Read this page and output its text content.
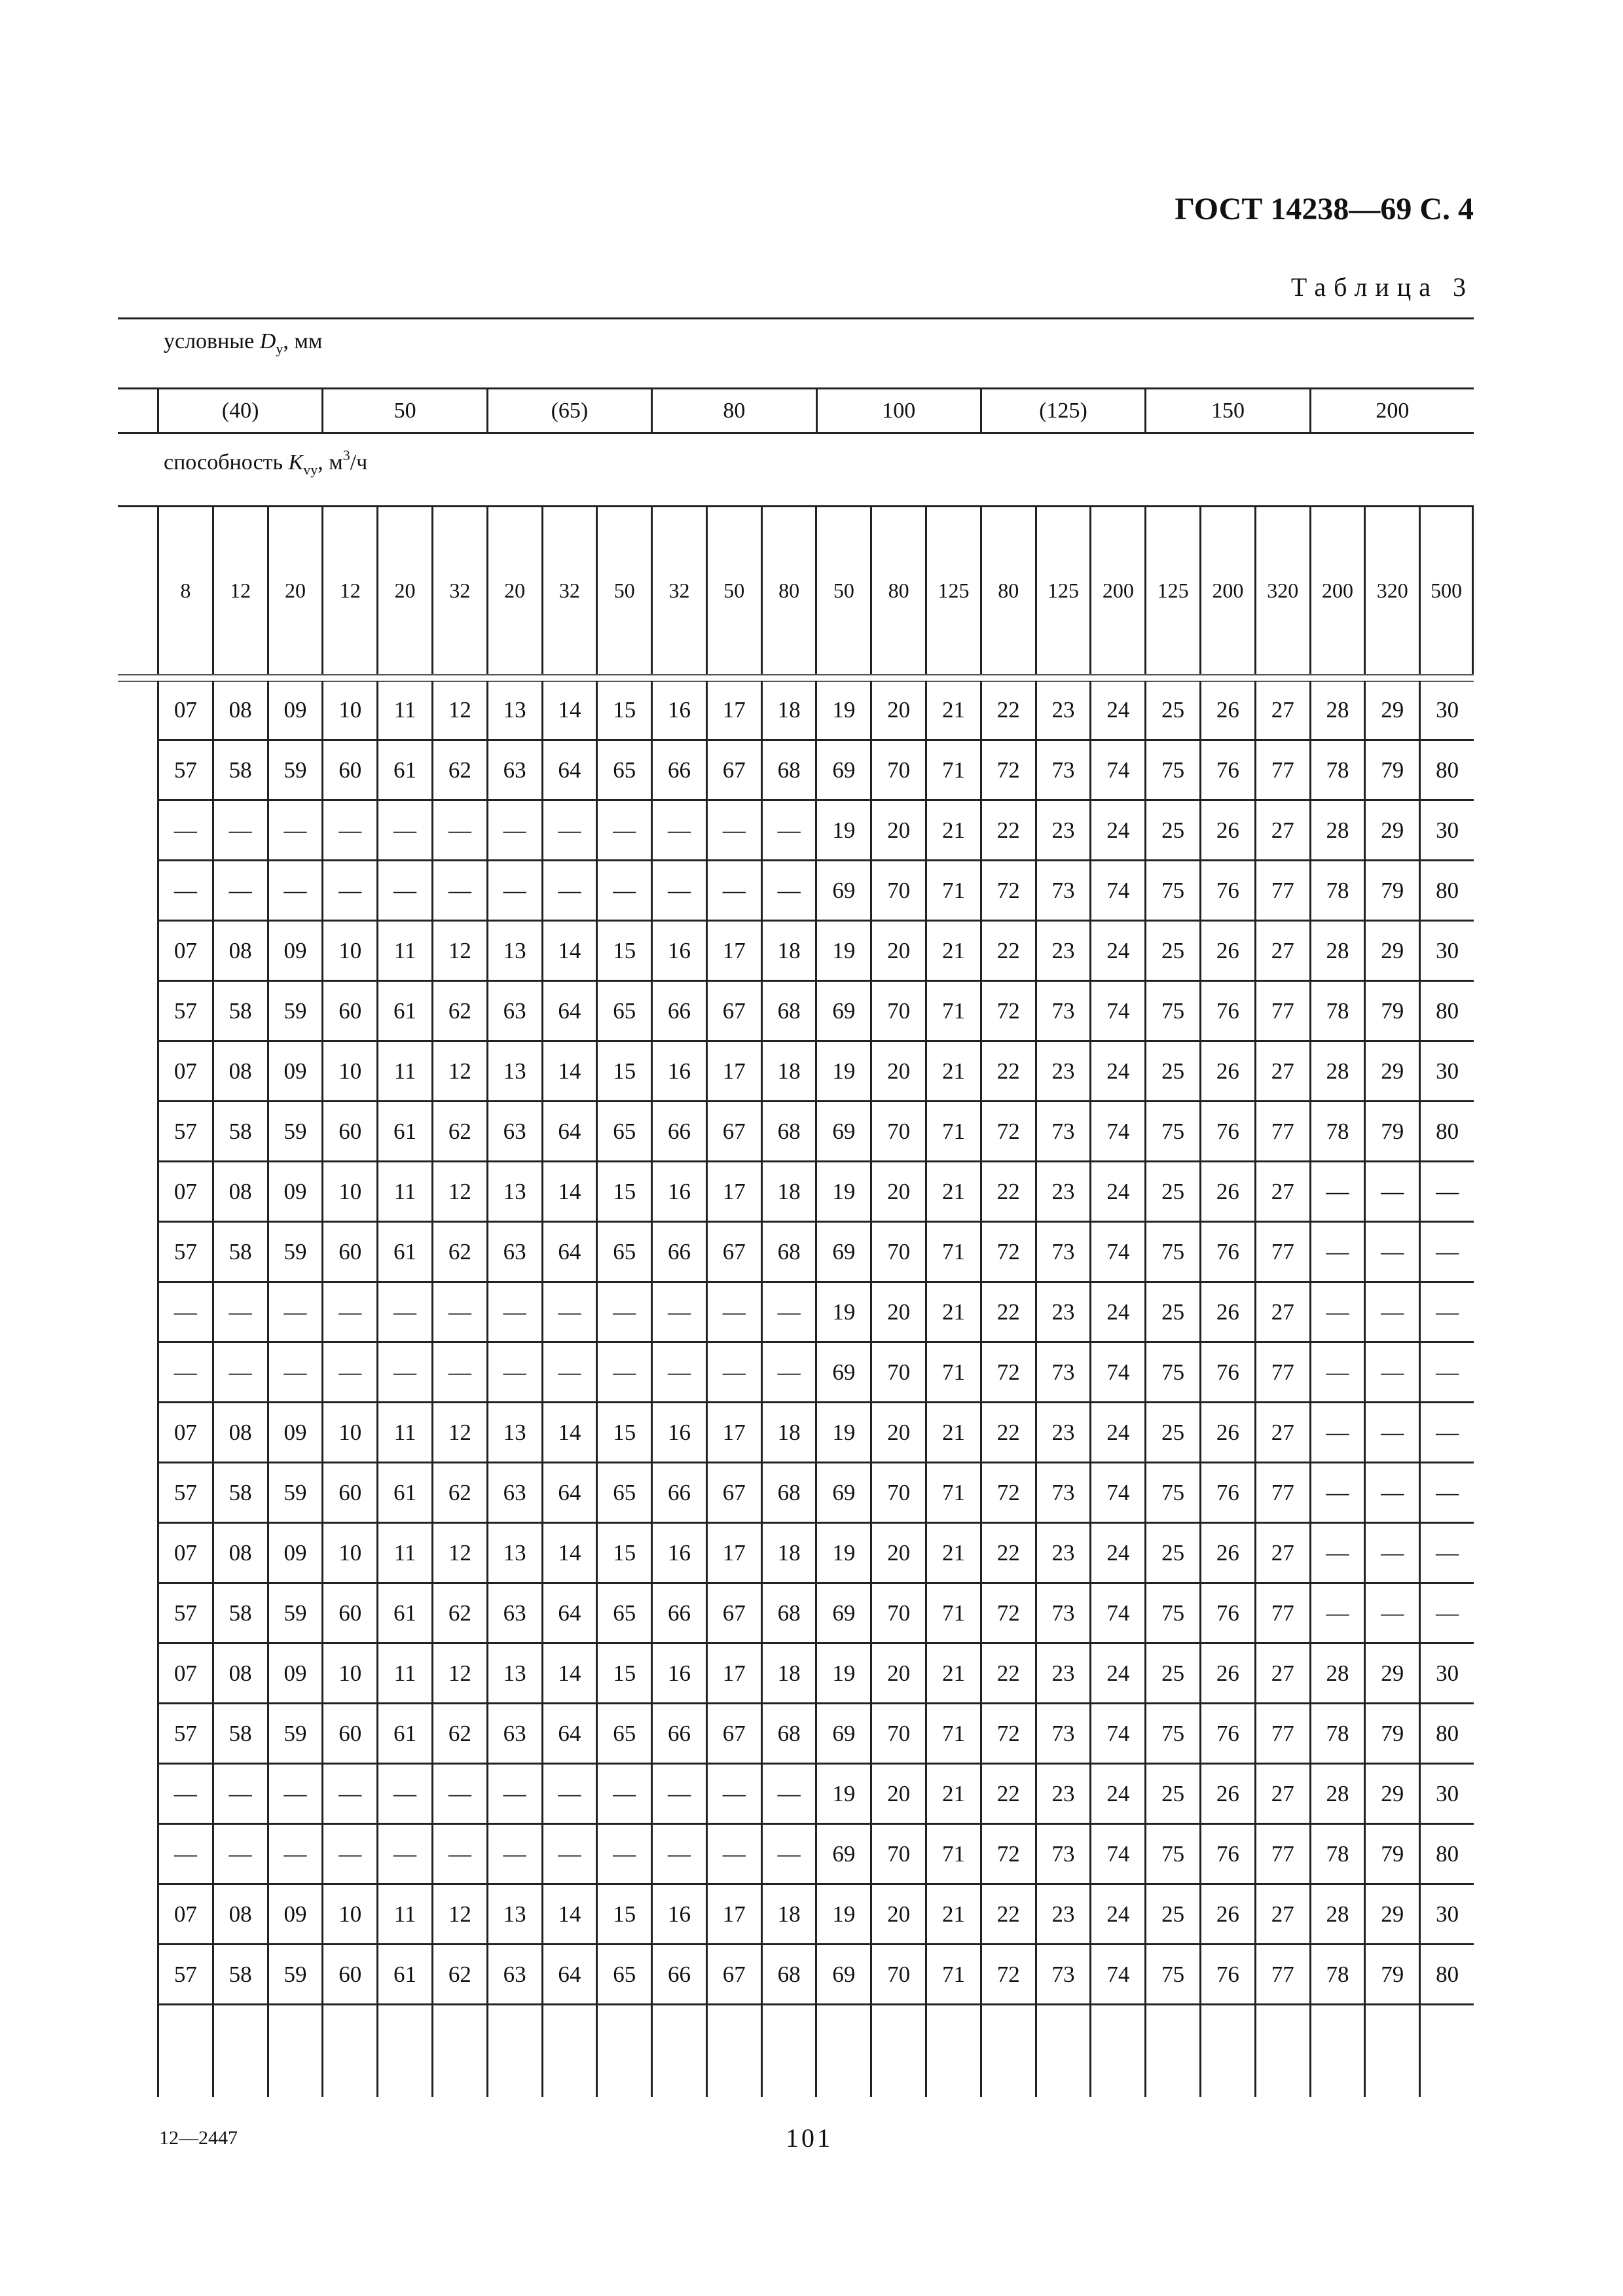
ГОСТ 14238—69 С. 4
Таблица 3
условные $D_у$, мм
(40)	50	(65)	80	100	(125)	150	200
способность $K_{vy}$, $м^3/ч$
8	12	20	12	20	32	20	32	50	32	50	80	50	80	125	80	125	200	125	200	320	200	320	500
07	08	09	10	11	12	13	14	15	16	17	18	19	20	21	22	23	24	25	26	27	28	29	30
57	58	59	60	61	62	63	64	65	66	67	68	69	70	71	72	73	74	75	76	77	78	79	80
—	—	—	—	—	—	—	—	—	—	—	—	19	20	21	22	23	24	25	26	27	28	29	30
—	—	—	—	—	—	—	—	—	—	—	—	69	70	71	72	73	74	75	76	77	78	79	80
07	08	09	10	11	12	13	14	15	16	17	18	19	20	21	22	23	24	25	26	27	28	29	30
57	58	59	60	61	62	63	64	65	66	67	68	69	70	71	72	73	74	75	76	77	78	79	80
07	08	09	10	11	12	13	14	15	16	17	18	19	20	21	22	23	24	25	26	27	28	29	30
57	58	59	60	61	62	63	64	65	66	67	68	69	70	71	72	73	74	75	76	77	78	79	80
07	08	09	10	11	12	13	14	15	16	17	18	19	20	21	22	23	24	25	26	27	—	—	—
57	58	59	60	61	62	63	64	65	66	67	68	69	70	71	72	73	74	75	76	77	—	—	—
—	—	—	—	—	—	—	—	—	—	—	—	19	20	21	22	23	24	25	26	27	—	—	—
—	—	—	—	—	—	—	—	—	—	—	—	69	70	71	72	73	74	75	76	77	—	—	—
07	08	09	10	11	12	13	14	15	16	17	18	19	20	21	22	23	24	25	26	27	—	—	—
57	58	59	60	61	62	63	64	65	66	67	68	69	70	71	72	73	74	75	76	77	—	—	—
07	08	09	10	11	12	13	14	15	16	17	18	19	20	21	22	23	24	25	26	27	—	—	—
57	58	59	60	61	62	63	64	65	66	67	68	69	70	71	72	73	74	75	76	77	—	—	—
07	08	09	10	11	12	13	14	15	16	17	18	19	20	21	22	23	24	25	26	27	28	29	30
57	58	59	60	61	62	63	64	65	66	67	68	69	70	71	72	73	74	75	76	77	78	79	80
—	—	—	—	—	—	—	—	—	—	—	—	19	20	21	22	23	24	25	26	27	28	29	30
—	—	—	—	—	—	—	—	—	—	—	—	69	70	71	72	73	74	75	76	77	78	79	80
07	08	09	10	11	12	13	14	15	16	17	18	19	20	21	22	23	24	25	26	27	28	29	30
57	58	59	60	61	62	63	64	65	66	67	68	69	70	71	72	73	74	75	76	77	78	79	80
12—2447	101
